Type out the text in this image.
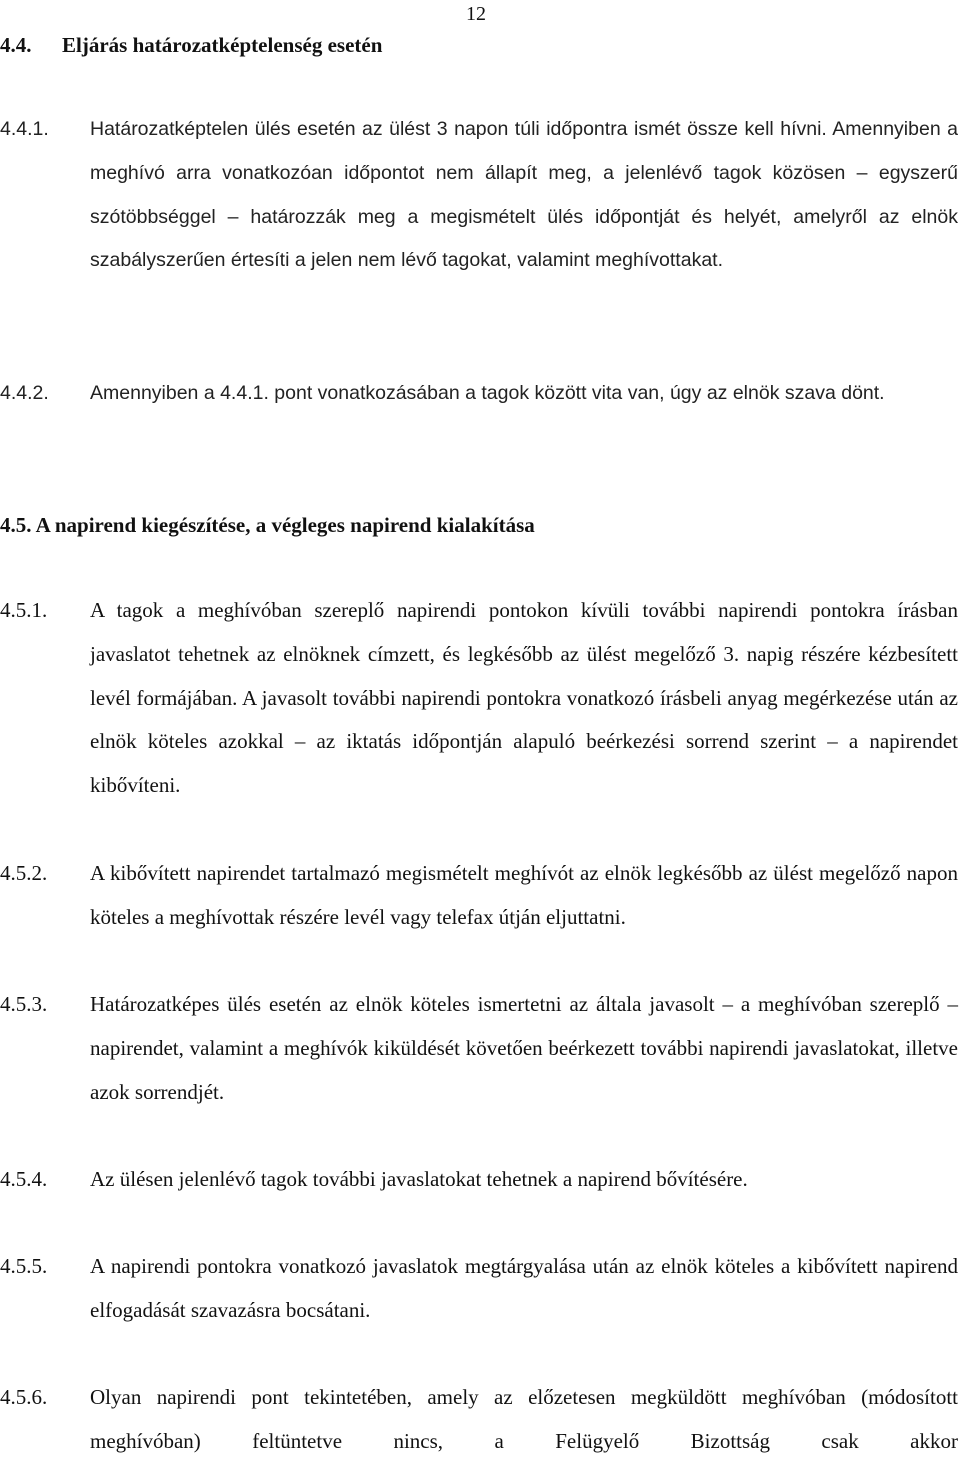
12
4.4. Eljárás határozatképtelenség esetén
4.4.1. Határozatképtelen ülés esetén az ülést 3 napon túli időpontra ismét össze kell hívni. Amennyiben a meghívó arra vonatkozóan időpontot nem állapít meg, a jelenlévő tagok közösen – egyszerű szótöbbséggel – határozzák meg a megismételt ülés időpontját és helyét, amelyről az elnök szabályszerűen értesíti a jelen nem lévő tagokat, valamint meghívottakat.
4.4.2. Amennyiben a 4.4.1. pont vonatkozásában a tagok között vita van, úgy az elnök szava dönt.
4.5. A napirend kiegészítése, a végleges napirend kialakítása
4.5.1. A tagok a meghívóban szereplő napirendi pontokon kívüli további napirendi pontokra írásban javaslatot tehetnek az elnöknek címzett, és legkésőbb az ülést megelőző 3. napig részére kézbesített levél formájában. A javasolt további napirendi pontokra vonatkozó írásbeli anyag megérkezése után az elnök köteles azokkal – az iktatás időpontján alapuló beérkezési sorrend szerint – a napirendet kibővíteni.
4.5.2. A kibővített napirendet tartalmazó megismételt meghívót az elnök legkésőbb az ülést megelőző napon köteles a meghívottak részére levél vagy telefax útján eljuttatni.
4.5.3. Határozatképes ülés esetén az elnök köteles ismertetni az általa javasolt – a meghívóban szereplő – napirendet, valamint a meghívók kiküldését követően beérkezett további napirendi javaslatokat, illetve azok sorrendjét.
4.5.4. Az ülésen jelenlévő tagok további javaslatokat tehetnek a napirend bővítésére.
4.5.5. A napirendi pontokra vonatkozó javaslatok megtárgyalása után az elnök köteles a kibővített napirend elfogadását szavazásra bocsátani.
4.5.6. Olyan napirendi pont tekintetében, amely az előzetesen megküldött meghívóban (módosított meghívóban) feltüntetve nincs, a Felügyelő Bizottság csak akkor
